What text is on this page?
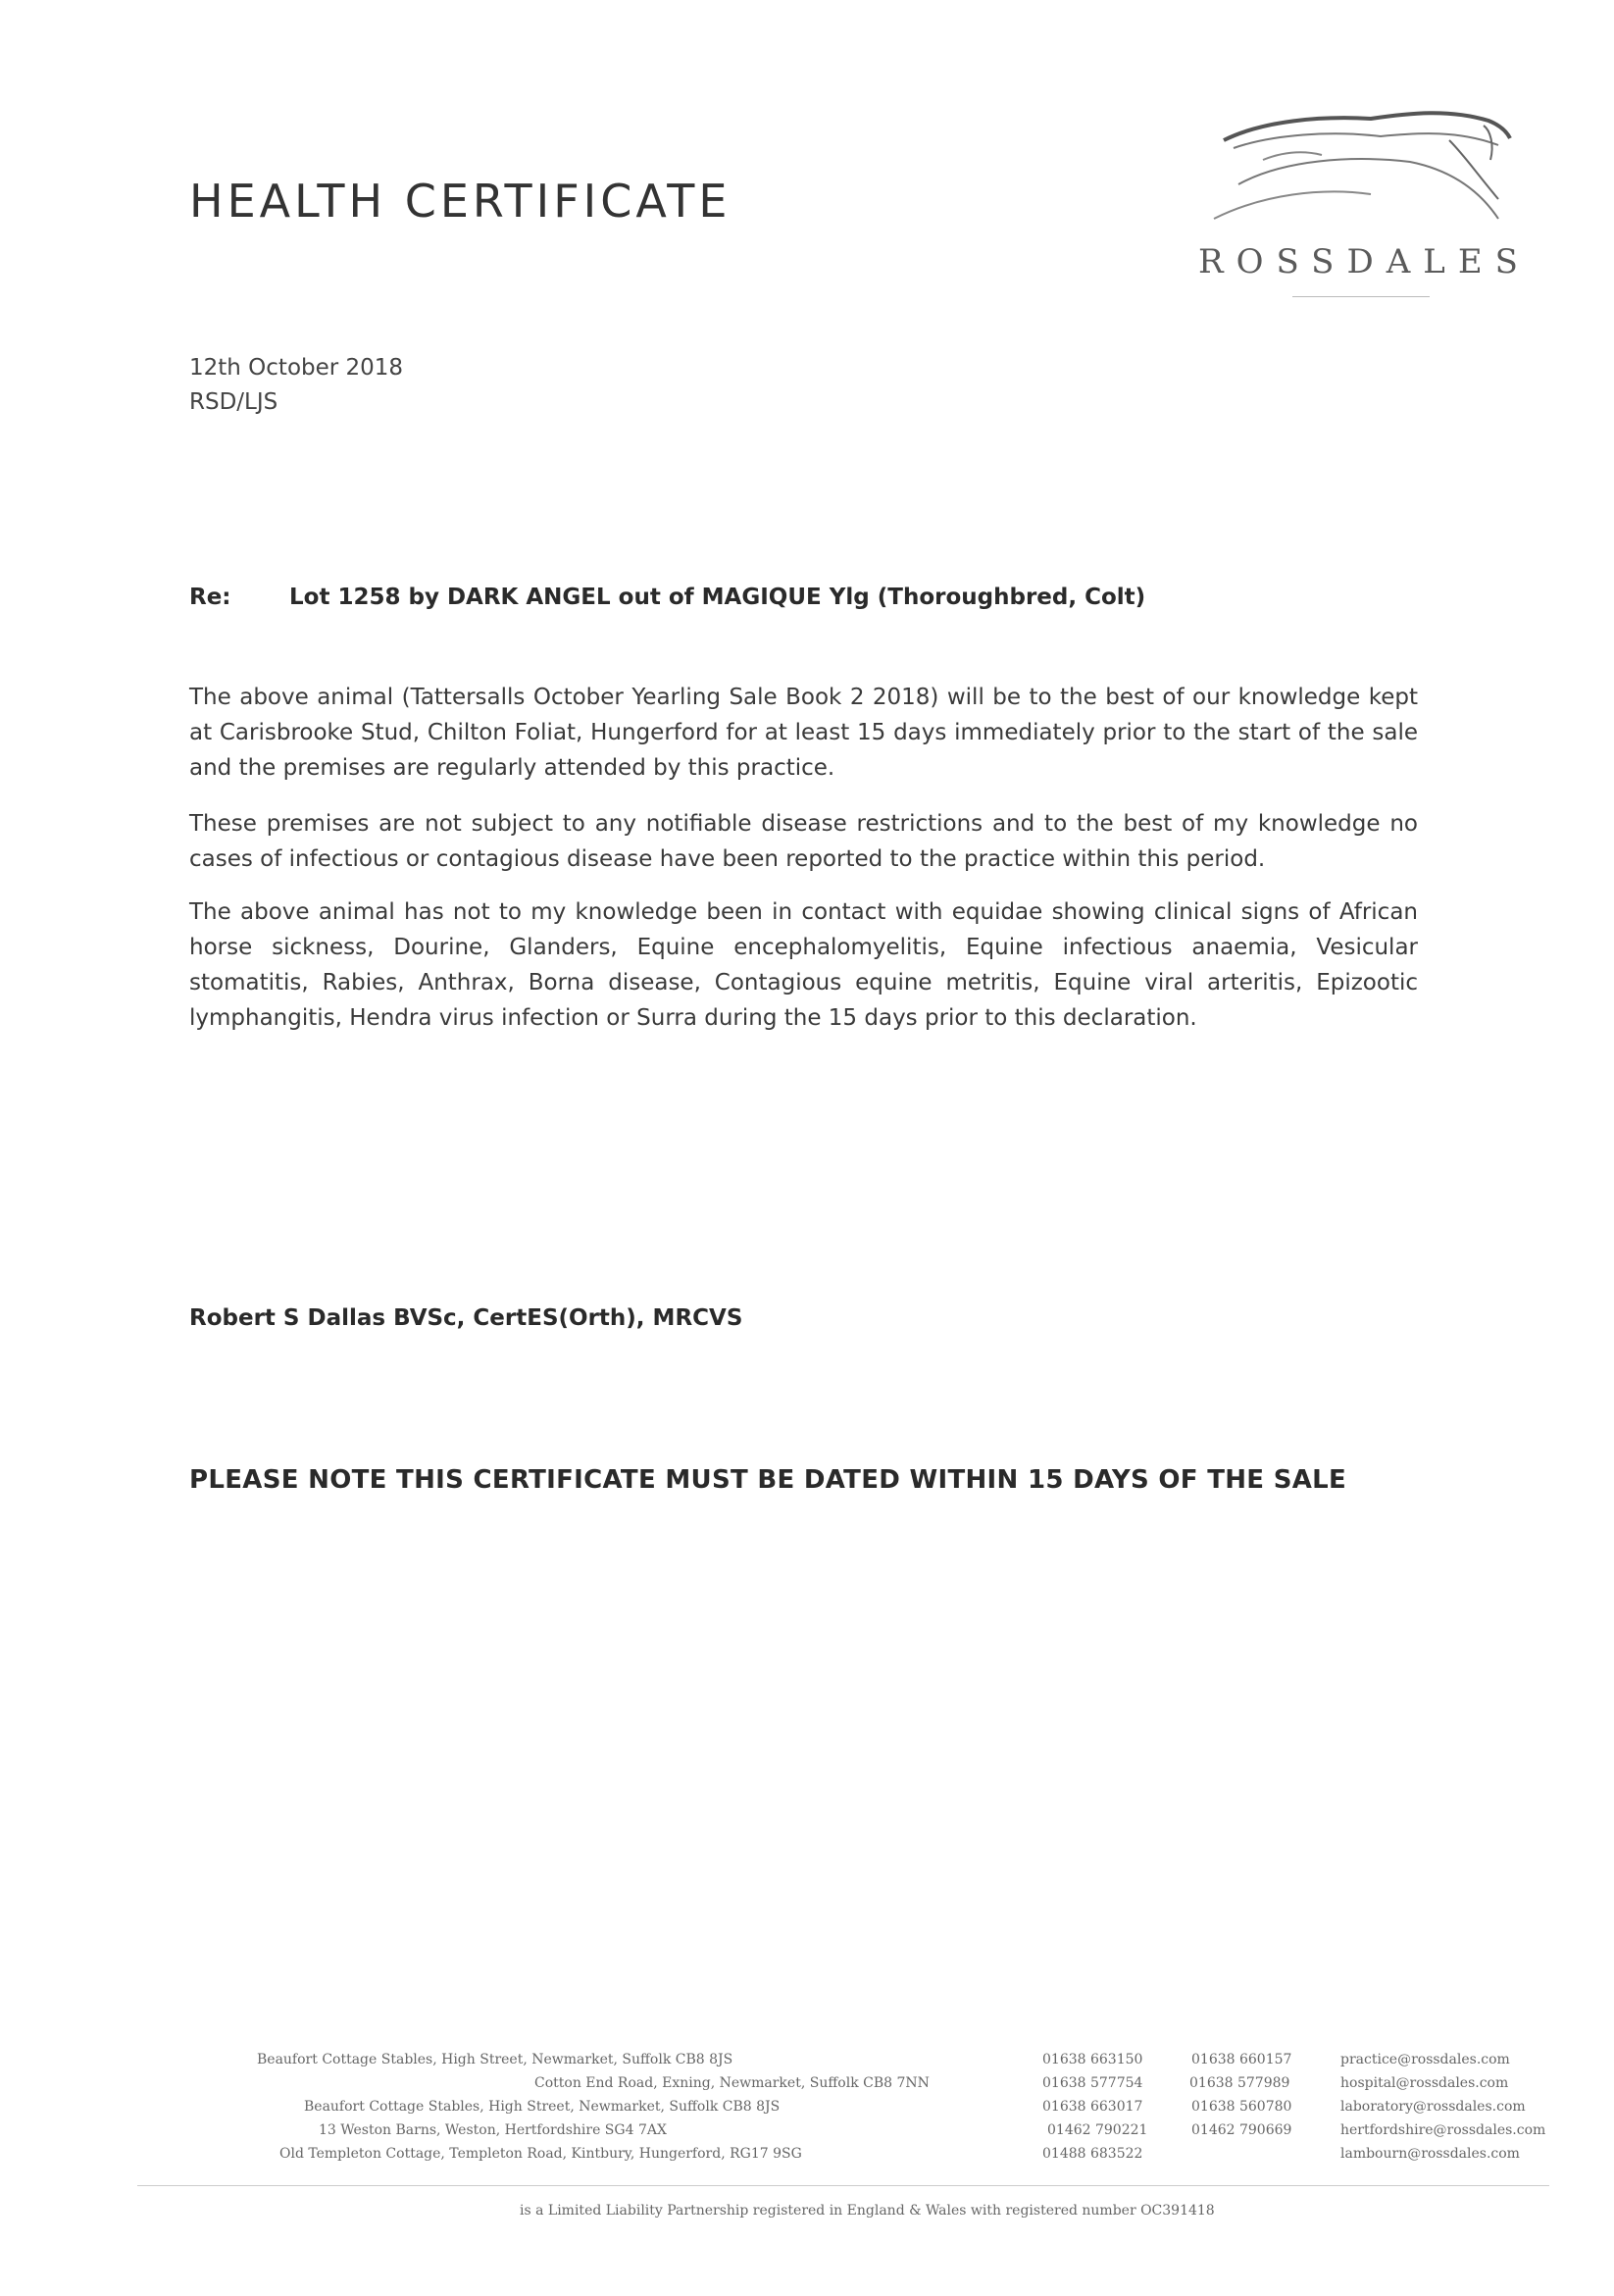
HEALTH CERTIFICATE
ROSSDALES
12th October 2018
RSD/LJS
Re:	Lot 1258 by DARK ANGEL out of MAGIQUE Ylg (Thoroughbred, Colt)

The above animal (Tattersalls October Yearling Sale Book 2 2018) will be to the best of our knowledge kept at Carisbrooke Stud, Chilton Foliat, Hungerford for at least 15 days immediately prior to the start of the sale and the premises are regularly attended by this practice.

These premises are not subject to any notifiable disease restrictions and to the best of my knowledge no cases of infectious or contagious disease have been reported to the practice within this period.

The above animal has not to my knowledge been in contact with equidae showing clinical signs of African horse sickness, Dourine, Glanders, Equine encephalomyelitis, Equine infectious anaemia, Vesicular stomatitis, Rabies, Anthrax, Borna disease, Contagious equine metritis, Equine viral arteritis, Epizootic lymphangitis, Hendra virus infection or Surra during the 15 days prior to this declaration.

Robert S Dallas BVSc, CertES(Orth), MRCVS
PLEASE NOTE THIS CERTIFICATE MUST BE DATED WITHIN 15 DAYS OF THE SALE
Beaufort Cottage Stables, High Street, Newmarket, Suffolk CB8 8JS
Cotton End Road, Exning, Newmarket, Suffolk CB8 7NN
Beaufort Cottage Stables, High Street, Newmarket, Suffolk CB8 8JS
13 Weston Barns, Weston, Hertfordshire SG4 7AX
Old Templeton Cottage, Templeton Road, Kintbury, Hungerford, RG17 9SG
01638 663150
01638 577754
01638 663017
01462 790221
01488 683522
01638 660157
01638 577989
01638 560780
01462 790669
practice@rossdales.com
hospital@rossdales.com
laboratory@rossdales.com
hertfordshire@rossdales.com
lambourn@rossdales.com
is a Limited Liability Partnership registered in England & Wales with registered number OC391418
